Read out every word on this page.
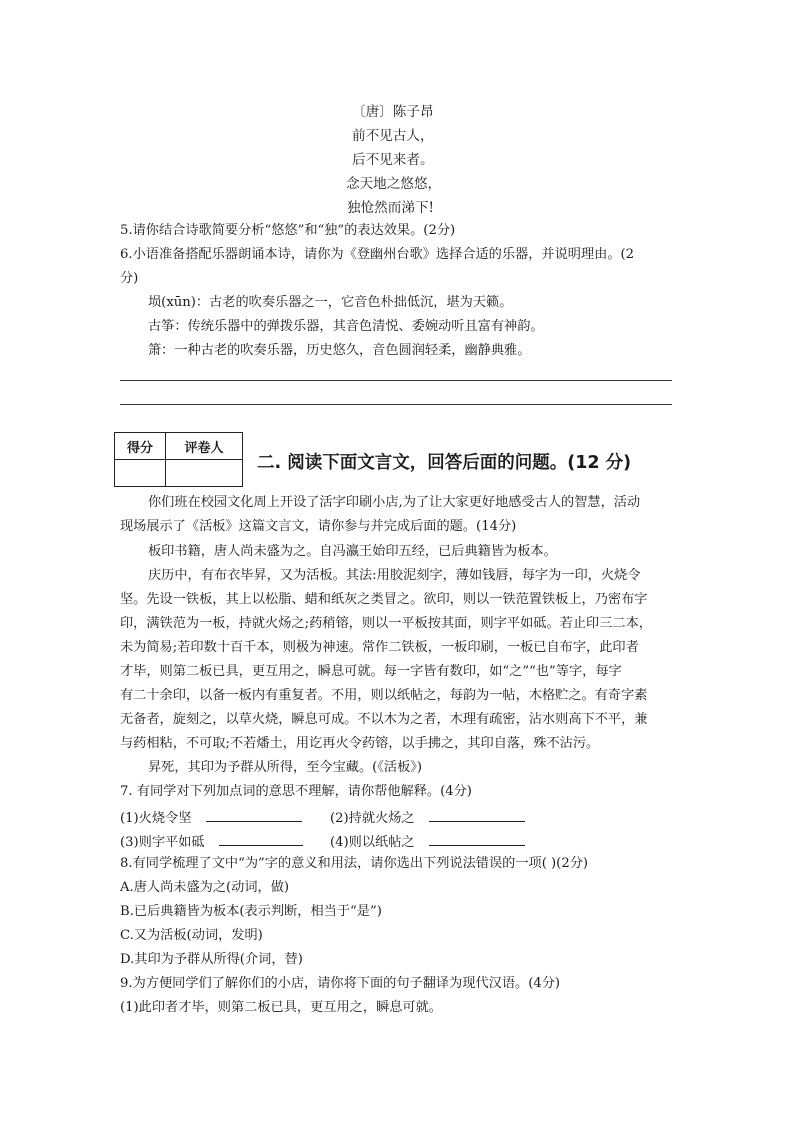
〔唐〕陈子昂
前不见古人，
后不见来者。
念天地之悠悠，
独怆然而涕下!
5.请你结合诗歌简要分析“悠悠”和“独”的表达效果。(2分)
6.小语准备搭配乐器朗诵本诗，请你为《登幽州台歌》选择合适的乐器，并说明理由。(2
分)
埙(xūn)：古老的吹奏乐器之一，它音色朴拙低沉，堪为天籁。
古筝：传统乐器中的弹拨乐器，其音色清悦、委婉动听且富有神韵。
箫：一种古老的吹奏乐器，历史悠久，音色圆润轻柔，幽静典雅。
得分	评卷人

二. 阅读下面文言文，回答后面的问题。(12 分)
你们班在校园文化周上开设了活字印刷小店,为了让大家更好地感受古人的智慧，活动
现场展示了《活板》这篇文言文，请你参与并完成后面的题。(14分)
板印书籍，唐人尚未盛为之。自冯瀛王始印五经，已后典籍皆为板本。
庆历中，有布衣毕昇，又为活板。其法:用胶泥刻字，薄如钱唇，每字为一印，火烧令
坚。先设一铁板，其上以松脂、蜡和纸灰之类冒之。欲印，则以一铁范置铁板上，乃密布字
印，满铁范为一板，持就火炀之;药稍镕，则以一平板按其面，则字平如砥。若止印三二本，
未为简易;若印数十百千本，则极为神速。常作二铁板，一板印刷，一板已自布字，此印者
才毕，则第二板已具，更互用之，瞬息可就。每一字皆有数印，如“之”“也”等字，每字
有二十余印，以备一板内有重复者。不用，则以纸帖之，每韵为一帖，木格贮之。有奇字素
无备者，旋刻之，以草火烧，瞬息可成。不以木为之者，木理有疏密，沾水则高下不平，兼
与药相粘，不可取;不若燔土，用讫再火令药镕，以手拂之，其印自落，殊不沾污。
昇死，其印为予群从所得，至今宝藏。(《活板》)
7. 有同学对下列加点词的意思不理解，请你帮他解释。(4分)
(1)火烧令坚	(2)持就火炀之
(3)则字平如砥	(4)则以纸帖之
8.有同学梳理了文中“为”字的意义和用法，请你选出下列说法错误的一项( )(2分)
A.唐人尚未盛为之(动词，做)
B.已后典籍皆为板本(表示判断，相当于“是”)
C.又为活板(动词，发明)
D.其印为予群从所得(介词，替)
9.为方便同学们了解你们的小店，请你将下面的句子翻译为现代汉语。(4分)
(1)此印者才毕，则第二板已具，更互用之，瞬息可就。
